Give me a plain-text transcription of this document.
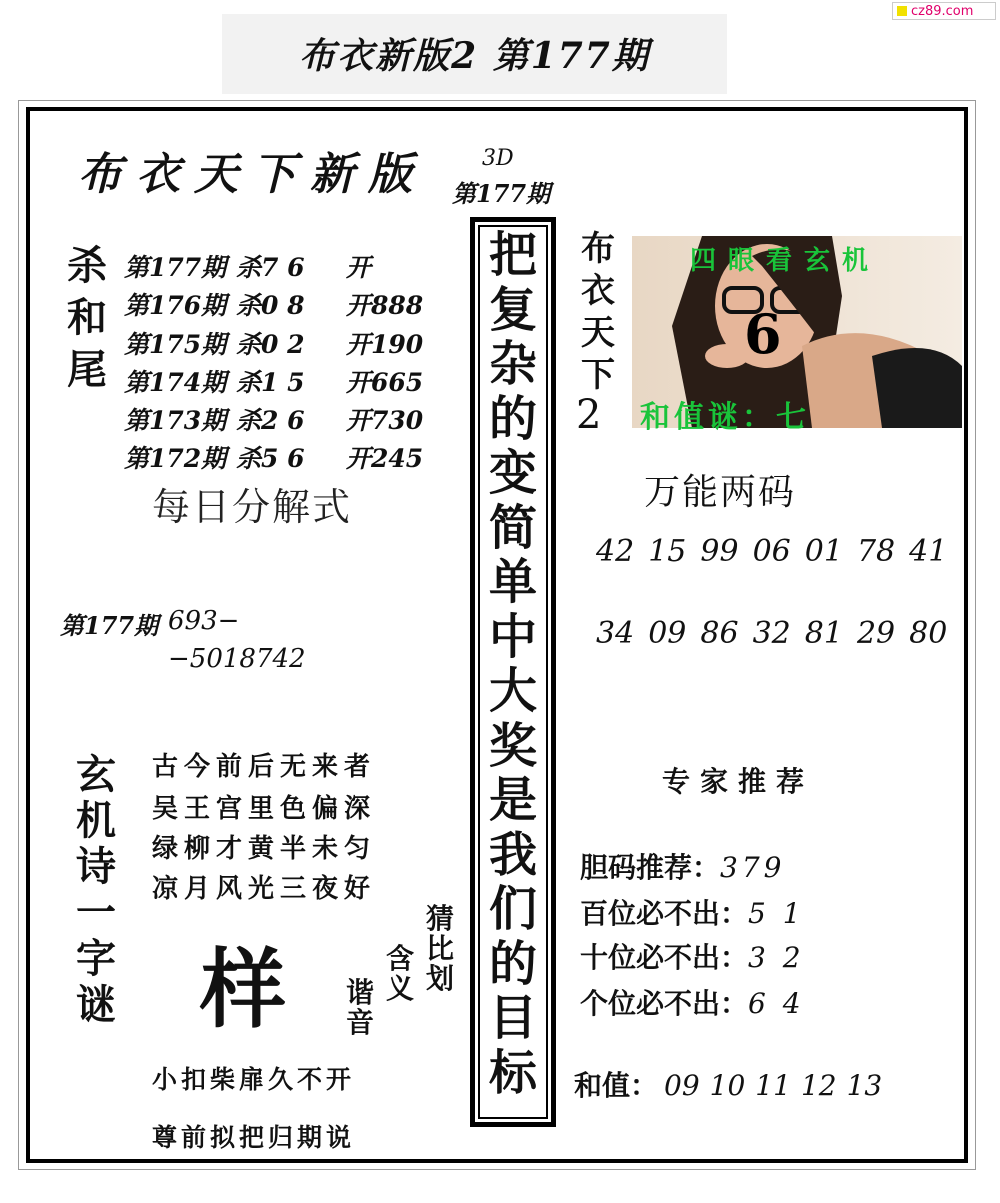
cz89.com
布衣新版2 第177期
布衣天下新版	3D
第177期
杀
和
尾
第177期 杀7 6 开
第176期 杀0 8 开888
第175期 杀0 2 开190
第174期 杀1 5 开665
第173期 杀2 6 开730
第172期 杀5 6 开245
每日分解式
第177期 693−
−5018742
玄
机
诗
一
字
谜
古今前后无来者
吴王宫里色偏深
绿柳才黄半未匀
凉月风光三夜好
样 谐
音
含
义
猜
比
划
小扣柴扉久不开
尊前拟把归期说
把
复
杂
的
变
简
单
中
大
奖
是
我
们
的
目
标
布
衣
天
下
2
四眼看玄机
6
和值谜：七
万能两码
42 15 99 06 01 78 41
34 09 86 32 81 29 80
专家推荐
胆码推荐：379
百位必不出：5 1
十位必不出：3 2
个位必不出：6 4
和值： 09 10 11 12 13
